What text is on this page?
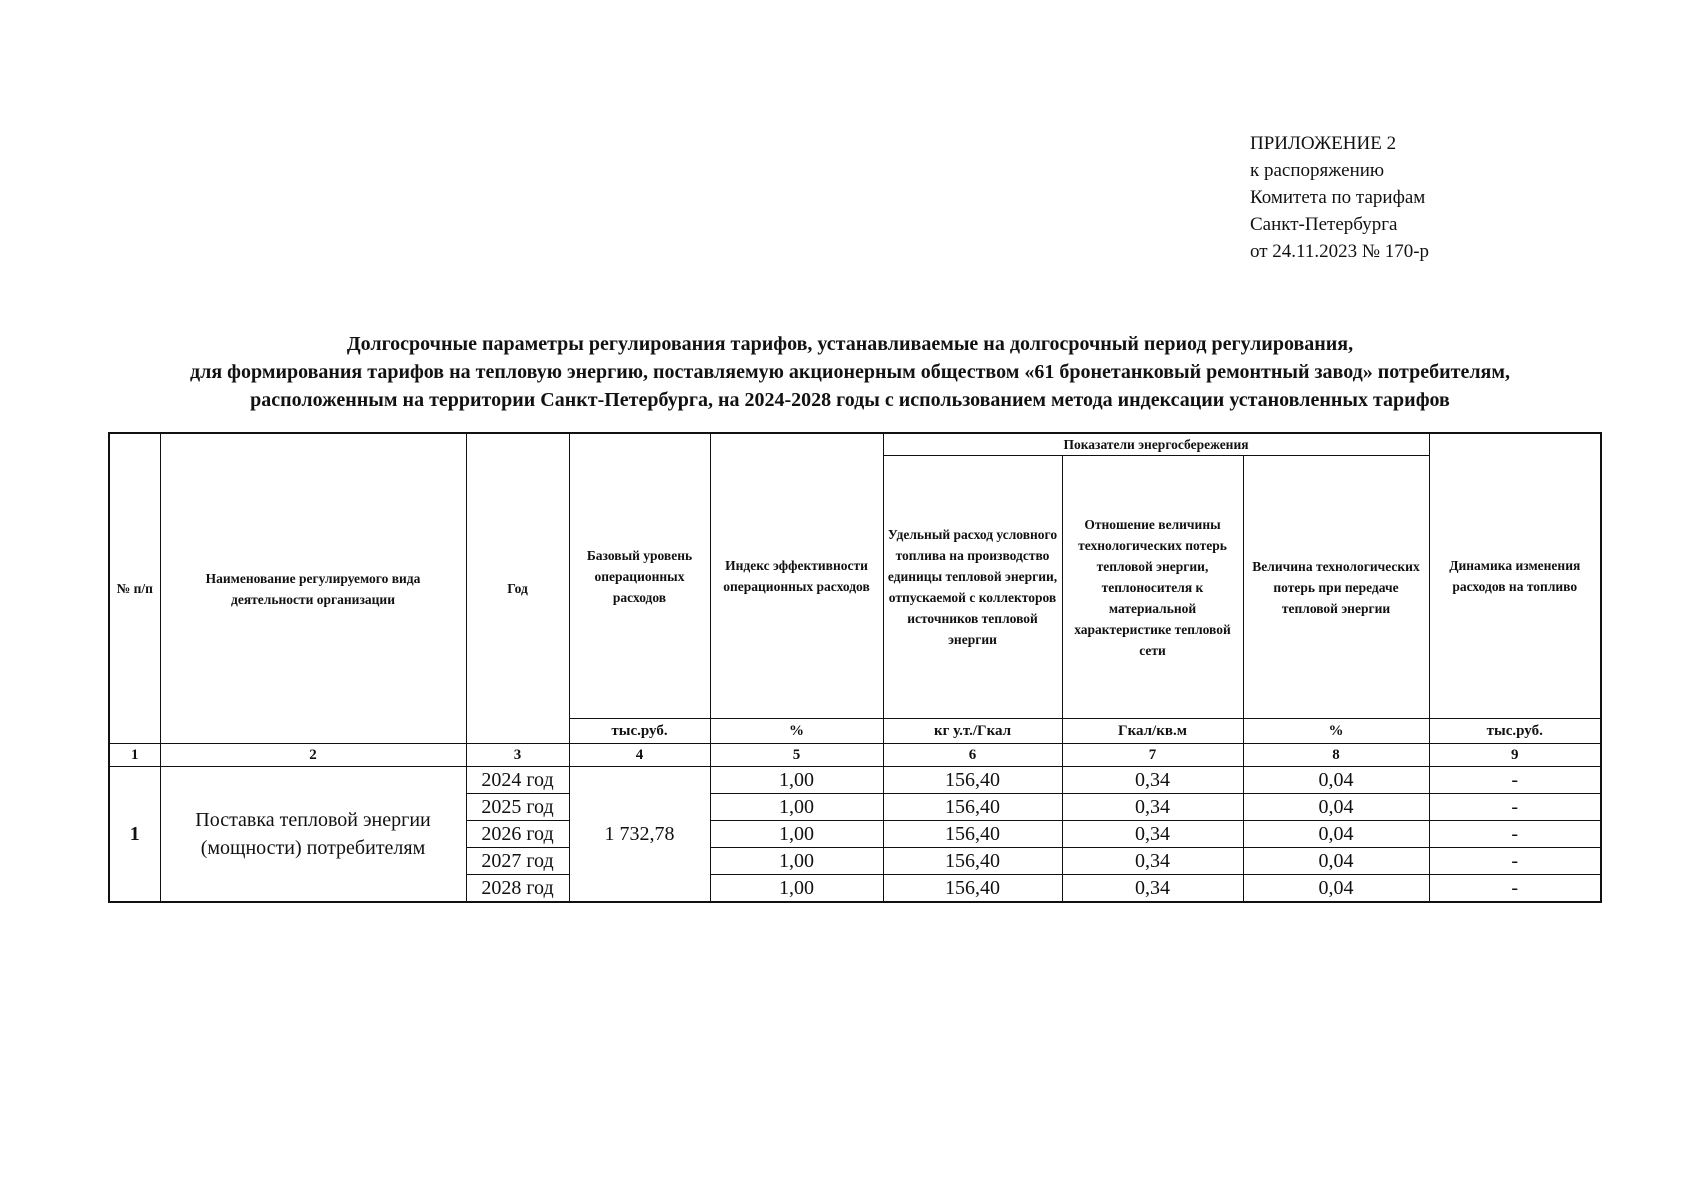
ПРИЛОЖЕНИЕ 2
к распоряжению
Комитета по тарифам
Санкт-Петербурга
от 24.11.2023 № 170-р
Долгосрочные параметры регулирования тарифов, устанавливаемые на долгосрочный период регулирования,
для формирования тарифов на тепловую энергию, поставляемую акционерным обществом «61 бронетанковый ремонтный завод» потребителям,
расположенным на территории Санкт-Петербурга, на 2024-2028 годы с использованием метода индексации установленных тарифов
№ п/п	Наименование регулируемого вида деятельности организации	Год	Базовый уровень операционных расходов	Индекс эффективности операционных расходов	Показатели энергосбережения			Динамика изменения расходов на топливо
					Удельный расход условного топлива на производство единицы тепловой энергии, отпускаемой с коллекторов источников тепловой энергии	Отношение величины технологических потерь тепловой энергии, теплоносителя к материальной характеристике тепловой сети	Величина технологических потерь при передаче тепловой энергии	
			тыс.руб.	%	кг у.т./Гкал	Гкал/кв.м	%	тыс.руб.
1	2	3	4	5	6	7	8	9
1	Поставка тепловой энергии (мощности) потребителям	2024 год	1 732,78	1,00	156,40	0,34	0,04	-
		2025 год		1,00	156,40	0,34	0,04	-
		2026 год		1,00	156,40	0,34	0,04	-
		2027 год		1,00	156,40	0,34	0,04	-
		2028 год		1,00	156,40	0,34	0,04	-
